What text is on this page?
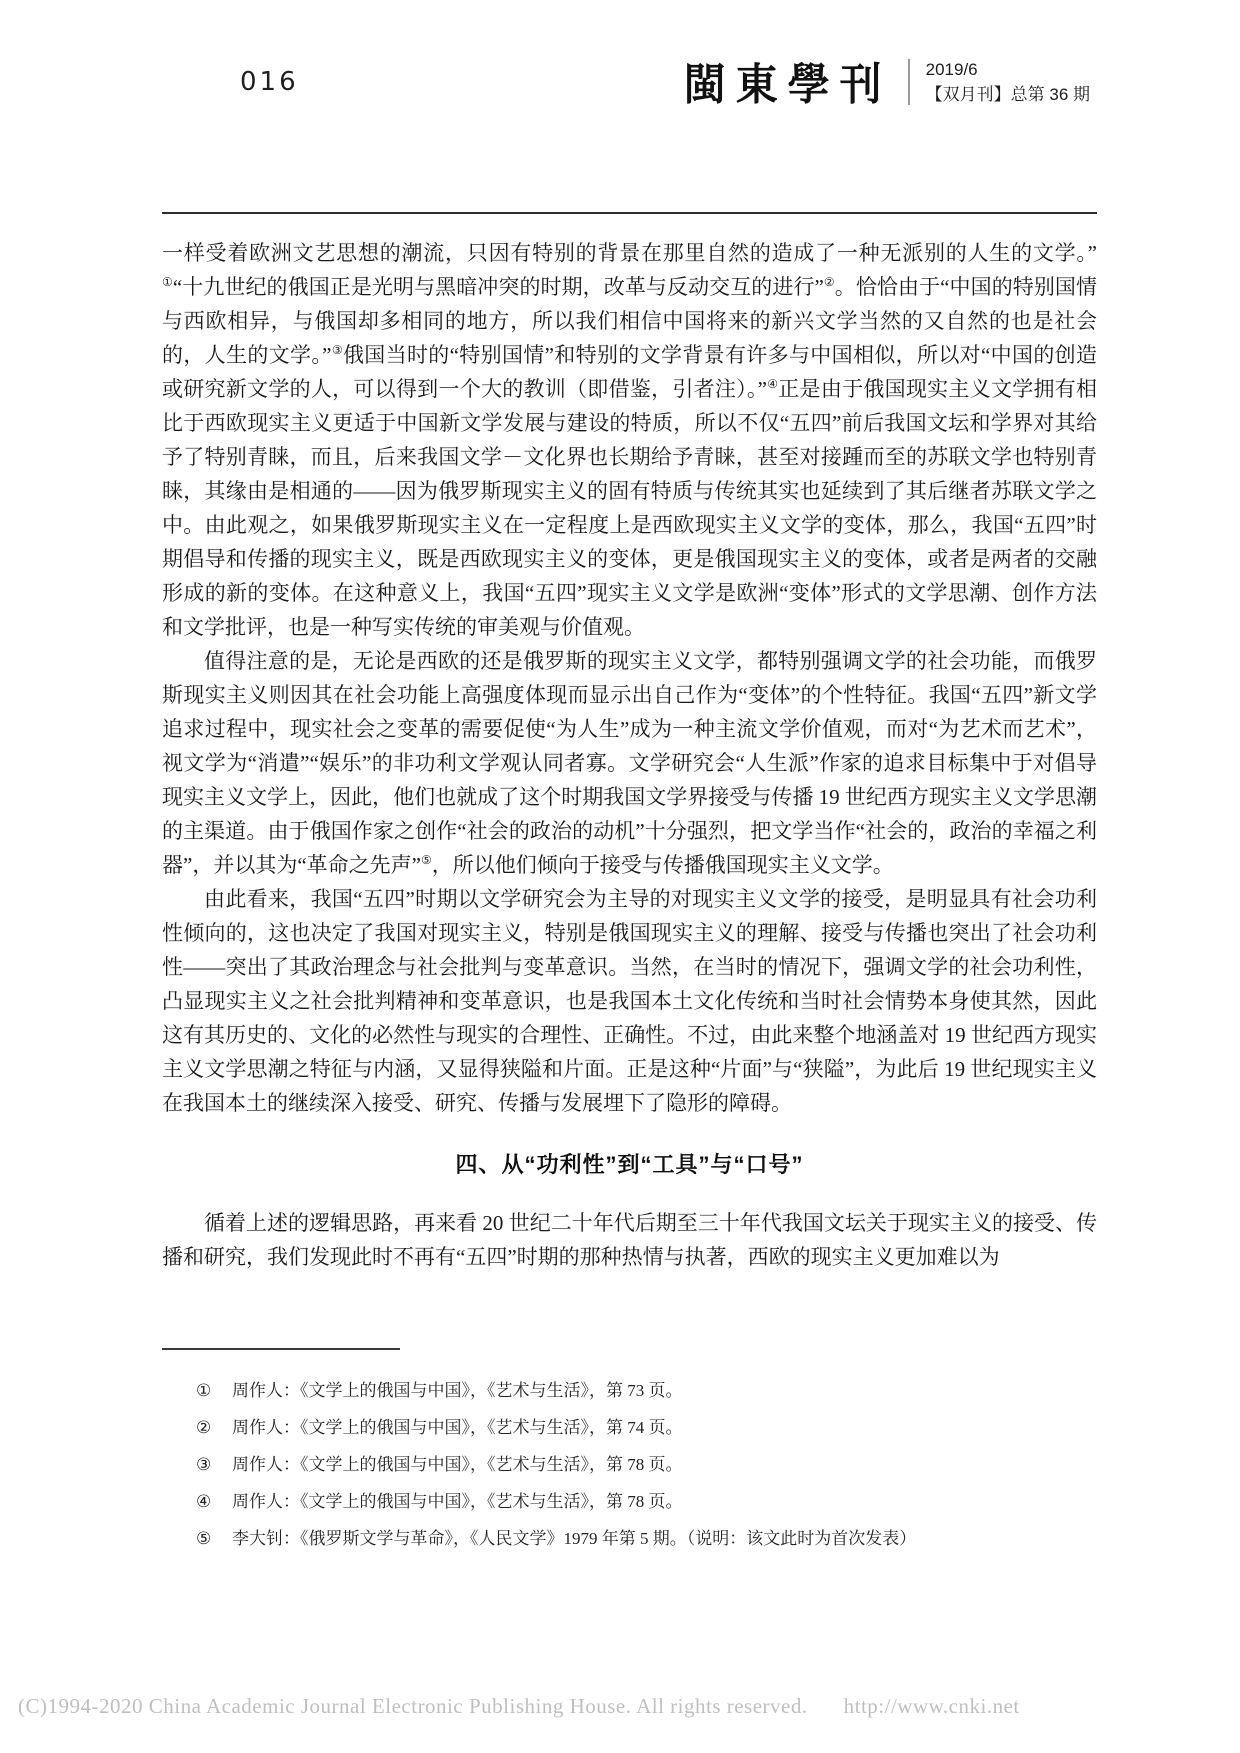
016	閩東學刊 2019/6
【双月刊】总第 36 期

一样受着欧洲文艺思想的潮流，只因有特别的背景在那里自然的造成了一种无派别的人生的文学。”①“十九世纪的俄国正是光明与黑暗冲突的时期，改革与反动交互的进行”②。恰恰由于“中国的特别国情与西欧相异，与俄国却多相同的地方，所以我们相信中国将来的新兴文学当然的又自然的也是社会的，人生的文学。”③俄国当时的“特别国情”和特别的文学背景有许多与中国相似，所以对“中国的创造或研究新文学的人，可以得到一个大的教训（即借鉴，引者注）。”④正是由于俄国现实主义文学拥有相比于西欧现实主义更适于中国新文学发展与建设的特质，所以不仅“五四”前后我国文坛和学界对其给予了特别青睐，而且，后来我国文学－文化界也长期给予青睐，甚至对接踵而至的苏联文学也特别青睐，其缘由是相通的——因为俄罗斯现实主义的固有特质与传统其实也延续到了其后继者苏联文学之中。由此观之，如果俄罗斯现实主义在一定程度上是西欧现实主义文学的变体，那么，我国“五四”时期倡导和传播的现实主义，既是西欧现实主义的变体，更是俄国现实主义的变体，或者是两者的交融形成的新的变体。在这种意义上，我国“五四”现实主义文学是欧洲“变体”形式的文学思潮、创作方法和文学批评，也是一种写实传统的审美观与价值观。

值得注意的是，无论是西欧的还是俄罗斯的现实主义文学，都特别强调文学的社会功能，而俄罗斯现实主义则因其在社会功能上高强度体现而显示出自己作为“变体”的个性特征。我国“五四”新文学追求过程中，现实社会之变革的需要促使“为人生”成为一种主流文学价值观，而对“为艺术而艺术”，视文学为“消遣”“娱乐”的非功利文学观认同者寡。文学研究会“人生派”作家的追求目标集中于对倡导现实主义文学上，因此，他们也就成了这个时期我国文学界接受与传播 19 世纪西方现实主义文学思潮的主渠道。由于俄国作家之创作“社会的政治的动机”十分强烈，把文学当作“社会的，政治的幸福之利器”，并以其为“革命之先声”⑤，所以他们倾向于接受与传播俄国现实主义文学。

由此看来，我国“五四”时期以文学研究会为主导的对现实主义文学的接受，是明显具有社会功利性倾向的，这也决定了我国对现实主义，特别是俄国现实主义的理解、接受与传播也突出了社会功利性——突出了其政治理念与社会批判与变革意识。当然，在当时的情况下，强调文学的社会功利性，凸显现实主义之社会批判精神和变革意识，也是我国本土文化传统和当时社会情势本身使其然，因此这有其历史的、文化的必然性与现实的合理性、正确性。不过，由此来整个地涵盖对 19 世纪西方现实主义文学思潮之特征与内涵，又显得狭隘和片面。正是这种“片面”与“狭隘”，为此后 19 世纪现实主义在我国本土的继续深入接受、研究、传播与发展埋下了隐形的障碍。

四、从“功利性”到“工具”与“口号”

循着上述的逻辑思路，再来看 20 世纪二十年代后期至三十年代我国文坛关于现实主义的接受、传播和研究，我们发现此时不再有“五四”时期的那种热情与执著，西欧的现实主义更加难以为

①	周作人：《文学上的俄国与中国》，《艺术与生活》，第 73 页。
②	周作人：《文学上的俄国与中国》，《艺术与生活》，第 74 页。
③	周作人：《文学上的俄国与中国》，《艺术与生活》，第 78 页。
④	周作人：《文学上的俄国与中国》，《艺术与生活》，第 78 页。
⑤	李大钊：《俄罗斯文学与革命》，《人民文学》1979 年第 5 期。（说明：该文此时为首次发表）
(C)1994-2020 China Academic Journal Electronic Publishing House. All rights reserved. http://www.cnki.net
